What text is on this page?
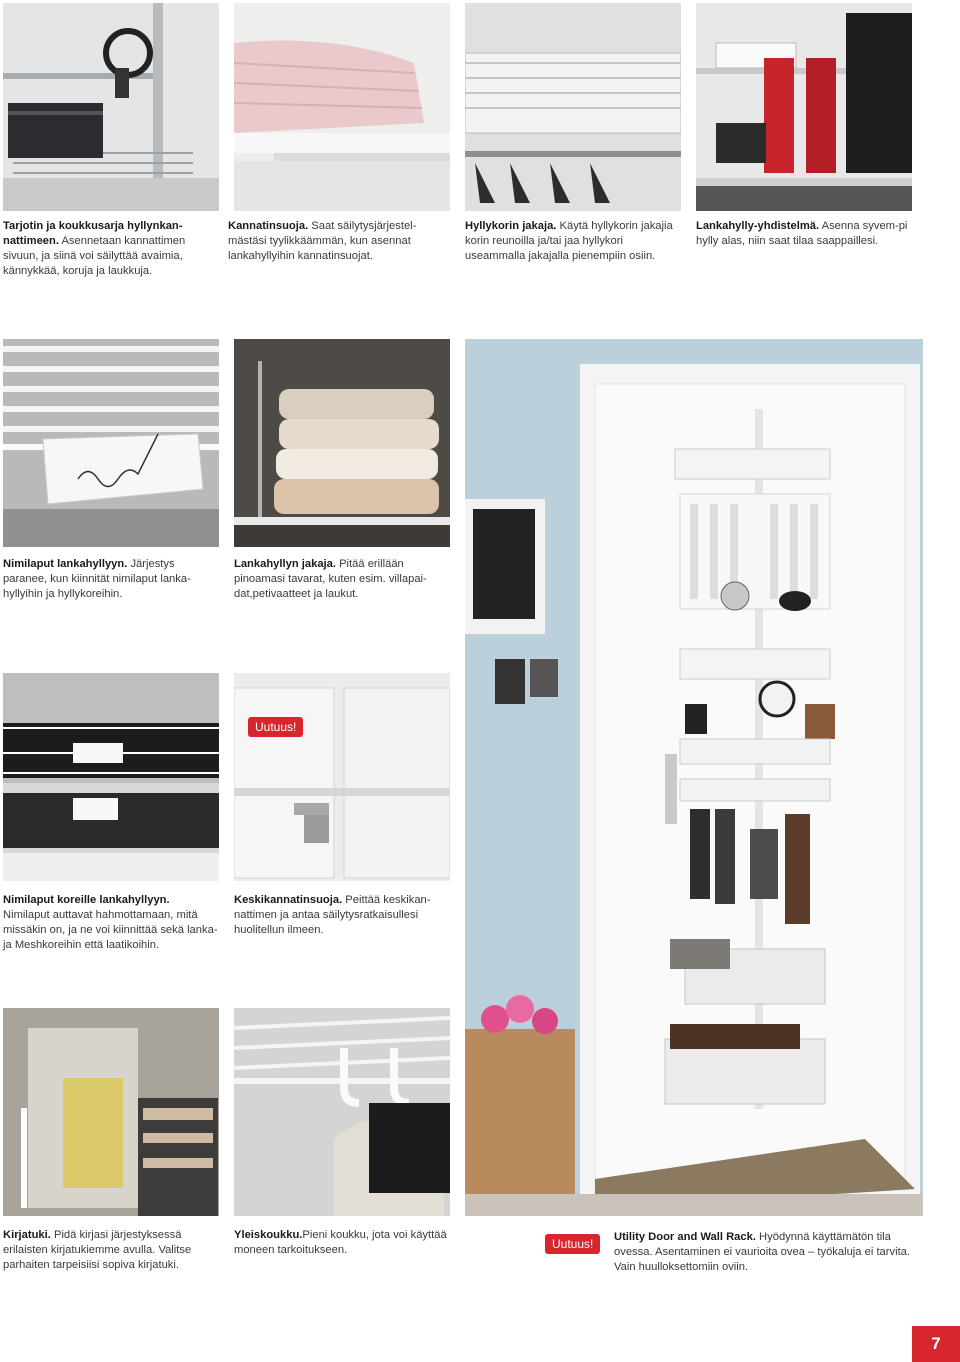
Tarjotin ja koukkusarja hyllynkan-nattimeen. Asennetaan kannattimen sivuun, ja siinä voi säilyttää avaimia, kännykkää, koruja ja laukkuja.
Kannatinsuoja. Saat säilytysjärjestel-mästäsi tyylikkäämmän, kun asennat lankahyllyihin kannatinsuojat.
Hyllykorin jakaja. Käytä hyllykorin jakajia korin reunoilla ja/tai jaa hyllykori useammalla jakajalla pienempiin osiin.
Lankahylly-yhdistelmä. Asenna syvem-pi hylly alas, niin saat tilaa saappaillesi.
Nimilaput lankahyllyyn. Järjestys paranee, kun kiinnität nimilaput lanka-hyllyihin ja hyllykoreihin.
Lankahyllyn jakaja. Pitää erillään pinoamasi tavarat, kuten esim. villapai-dat,petivaatteet ja laukut.
Uutuus!
Nimilaput koreille lankahyllyyn. Nimilaput auttavat hahmottamaan, mitä missäkin on, ja ne voi kiinnittää sekä lanka- ja Meshkoreihin että laatikoihin.
Keskikannatinsuoja. Peittää keskikan-nattimen ja antaa säilytysratkaisullesi huolitellun ilmeen.
Kirjatuki. Pidä kirjasi järjestyksessä erilaisten kirjatukiemme avulla. Valitse parhaiten tarpeisiisi sopiva kirjatuki.
Yleiskoukku.Pieni koukku, jota voi käyttää moneen tarkoitukseen.	Uutuus!	Utility Door and Wall Rack. Hyödynnä käyttämätön tila ovessa. Asentaminen ei vaurioita ovea – työkaluja ei tarvita. Vain huulloksettomiin oviin.
7
